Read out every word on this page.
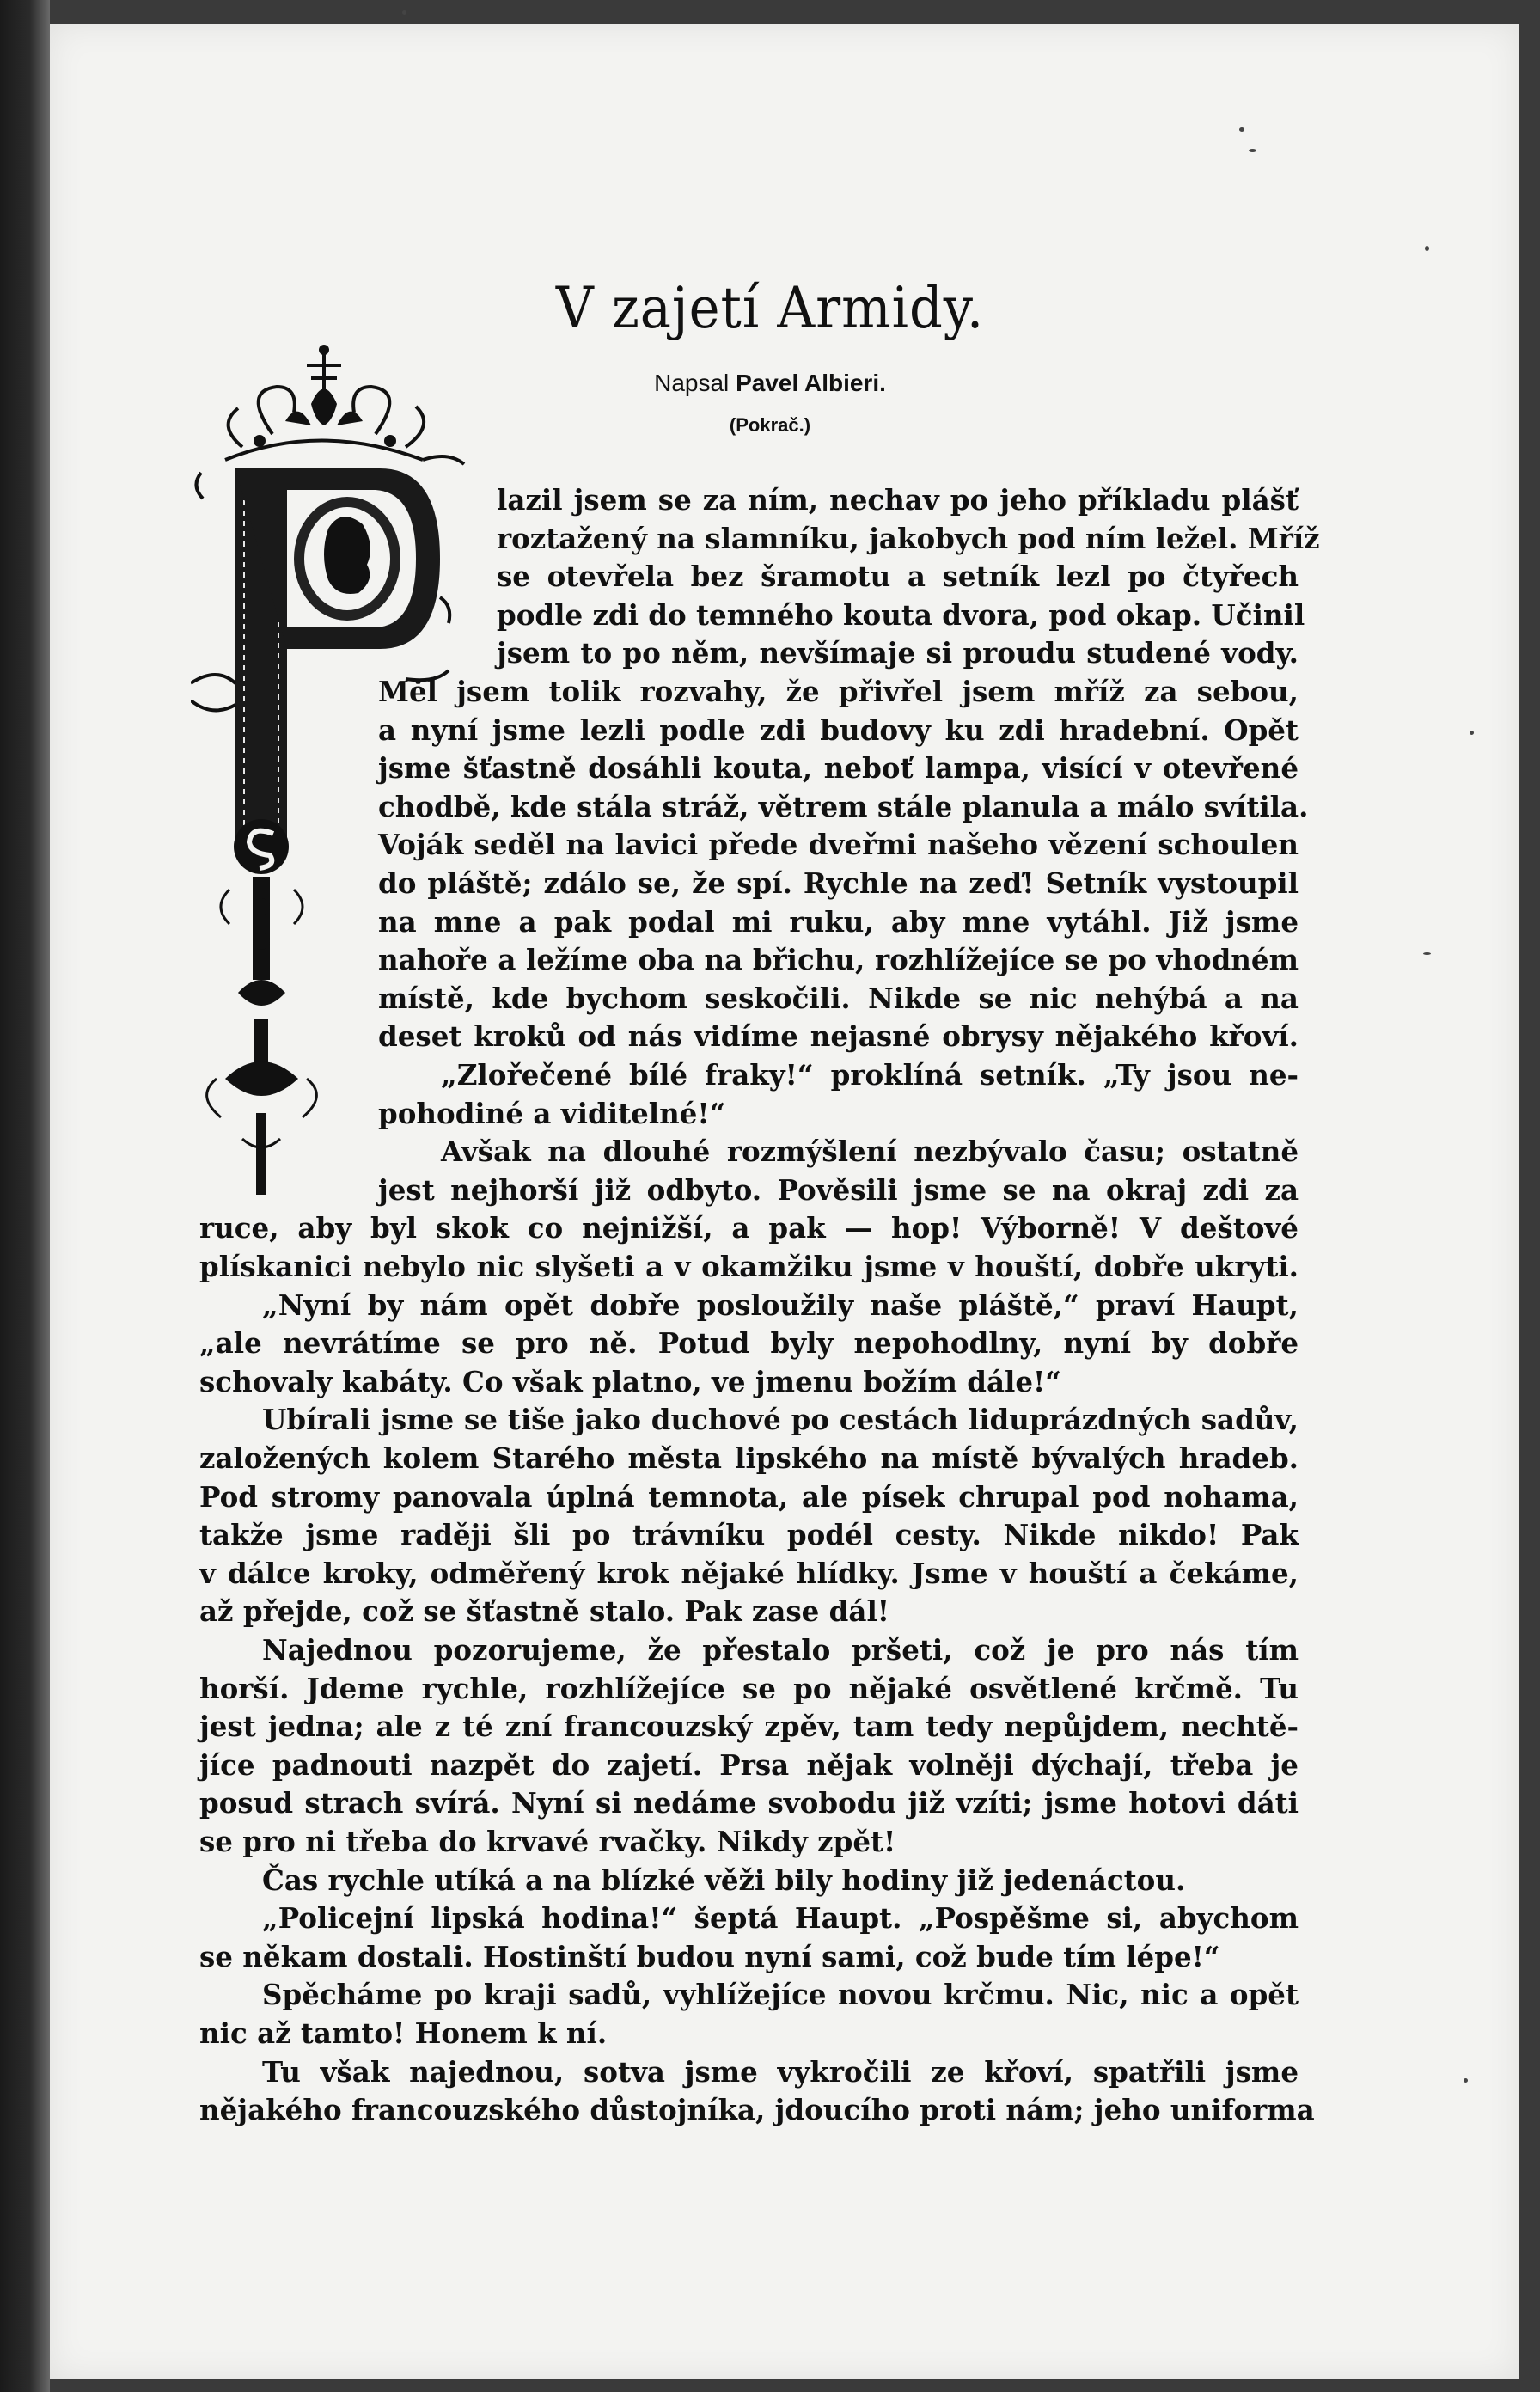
V zajetí Armidy.
Napsal Pavel Albieri.
(Pokrač.)
lazil jsem se za ním, nechav po jeho příkladu plášť
roztažený na slamníku, jakobych pod ním ležel. Mříž
se otevřela bez šramotu a setník lezl po čtyřech
podle zdi do temného kouta dvora, pod okap. Učinil
jsem to po něm, nevšímaje si proudu studené vody.
Měl jsem tolik rozvahy, že přivřel jsem mříž za sebou,
a nyní jsme lezli podle zdi budovy ku zdi hradební. Opět
jsme šťastně dosáhli kouta, neboť lampa, visící v otevřené
chodbě, kde stála stráž, větrem stále planula a málo svítila.
Voják seděl na lavici přede dveřmi našeho vězení schoulen
do pláště; zdálo se, že spí. Rychle na zeď! Setník vystoupil
na mne a pak podal mi ruku, aby mne vytáhl. Již jsme
nahoře a ležíme oba na břichu, rozhlížejíce se po vhodném
místě, kde bychom seskočili. Nikde se nic nehýbá a na
deset kroků od nás vidíme nejasné obrysy nějakého křoví.
„Zlořečené bílé fraky!“ proklíná setník. „Ty jsou ne-
pohodiné a viditelné!“
Avšak na dlouhé rozmýšlení nezbývalo času; ostatně
jest nejhorší již odbyto. Pověsili jsme se na okraj zdi za
ruce, aby byl skok co nejnižší, a pak — hop! Výborně! V deštové
plískanici nebylo nic slyšeti a v okamžiku jsme v houští, dobře ukryti.
„Nyní by nám opět dobře posloužily naše pláště,“ praví Haupt,
„ale nevrátíme se pro ně. Potud byly nepohodlny, nyní by dobře
schovaly kabáty. Co však platno, ve jmenu božím dále!“
Ubírali jsme se tiše jako duchové po cestách liduprázdných sadův,
založených kolem Starého města lipského na místě bývalých hradeb.
Pod stromy panovala úplná temnota, ale písek chrupal pod nohama,
takže jsme raději šli po trávníku podél cesty. Nikde nikdo! Pak
v dálce kroky, odměřený krok nějaké hlídky. Jsme v houští a čekáme,
až přejde, což se šťastně stalo. Pak zase dál!
Najednou pozorujeme, že přestalo pršeti, což je pro nás tím
horší. Jdeme rychle, rozhlížejíce se po nějaké osvětlené krčmě. Tu
jest jedna; ale z té zní francouzský zpěv, tam tedy nepůjdem, nechtě-
jíce padnouti nazpět do zajetí. Prsa nějak volněji dýchají, třeba je
posud strach svírá. Nyní si nedáme svobodu již vzíti; jsme hotovi dáti
se pro ni třeba do krvavé rvačky. Nikdy zpět!
Čas rychle utíká a na blízké věži bily hodiny již jedenáctou.
„Policejní lipská hodina!“ šeptá Haupt. „Pospěšme si, abychom
se někam dostali. Hostinští budou nyní sami, což bude tím lépe!“
Spěcháme po kraji sadů, vyhlížejíce novou krčmu. Nic, nic a opět
nic až tamto! Honem k ní.
Tu však najednou, sotva jsme vykročili ze křoví, spatřili jsme
nějakého francouzského důstojníka, jdoucího proti nám; jeho uniforma
